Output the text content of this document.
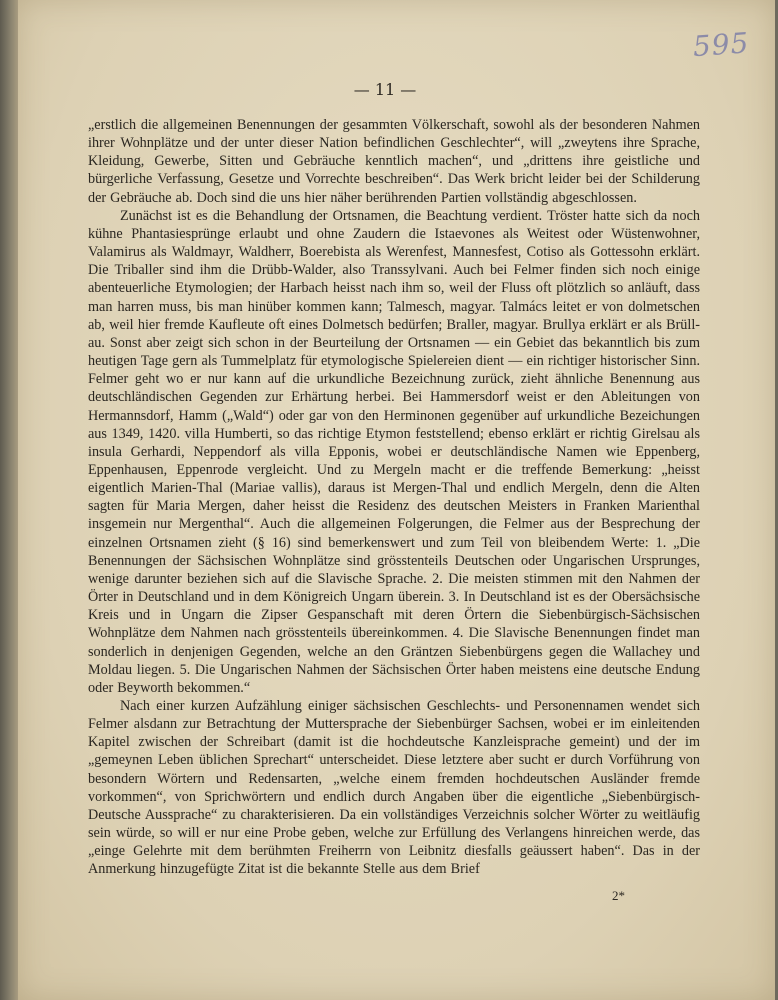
595
— 11 —

„erstlich die allgemeinen Benennungen der gesammten Völkerschaft, sowohl als der besonderen Nahmen ihrer Wohnplätze und der unter dieser Nation befindlichen Geschlechter“, will „zweytens ihre Sprache, Kleidung, Gewerbe, Sitten und Gebräuche kenntlich machen“, und „drittens ihre geistliche und bürgerliche Verfassung, Gesetze und Vorrechte beschreiben“. Das Werk bricht leider bei der Schilderung der Gebräuche ab. Doch sind die uns hier näher berührenden Partien vollständig abgeschlossen.

Zunächst ist es die Behandlung der Ortsnamen, die Beachtung verdient. Tröster hatte sich da noch kühne Phantasiesprünge erlaubt und ohne Zaudern die Istaevones als Weitest oder Wüstenwohner, Valamirus als Waldmayr, Waldherr, Boerebista als Werenfest, Mannesfest, Cotiso als Gottessohn erklärt. Die Triballer sind ihm die Drübb-Walder, also Transsylvani. Auch bei Felmer finden sich noch einige abenteuerliche Etymologien; der Harbach heisst nach ihm so, weil der Fluss oft plötzlich so anläuft, dass man harren muss, bis man hinüber kommen kann; Talmesch, magyar. Talmács leitet er von dolmetschen ab, weil hier fremde Kaufleute oft eines Dolmetsch bedürfen; Braller, magyar. Brullya erklärt er als Brüll-au. Sonst aber zeigt sich schon in der Beurteilung der Ortsnamen — ein Gebiet das bekanntlich bis zum heutigen Tage gern als Tummelplatz für etymologische Spielereien dient — ein richtiger historischer Sinn. Felmer geht wo er nur kann auf die urkundliche Bezeichnung zurück, zieht ähnliche Benennung aus deutschländischen Gegenden zur Erhärtung herbei. Bei Hammersdorf weist er den Ableitungen von Hermannsdorf, Hamm („Wald“) oder gar von den Herminonen gegenüber auf urkundliche Bezeichungen aus 1349, 1420. villa Humberti, so das richtige Etymon feststellend; ebenso erklärt er richtig Girelsau als insula Gerhardi, Neppendorf als villa Epponis, wobei er deutschländische Namen wie Eppenberg, Eppenhausen, Eppenrode vergleicht. Und zu Mergeln macht er die treffende Bemerkung: „heisst eigentlich Marien-Thal (Mariae vallis), daraus ist Mergen-Thal und endlich Mergeln, denn die Alten sagten für Maria Mergen, daher heisst die Residenz des deutschen Meisters in Franken Marienthal insgemein nur Mergenthal“. Auch die allgemeinen Folgerungen, die Felmer aus der Besprechung der einzelnen Ortsnamen zieht (§ 16) sind bemerkenswert und zum Teil von bleibendem Werte: 1. „Die Benennungen der Sächsischen Wohnplätze sind grösstenteils Deutschen oder Ungarischen Ursprunges, wenige darunter beziehen sich auf die Slavische Sprache. 2. Die meisten stimmen mit den Nahmen der Örter in Deutschland und in dem Königreich Ungarn überein. 3. In Deutschland ist es der Obersächsische Kreis und in Ungarn die Zipser Gespanschaft mit deren Örtern die Siebenbürgisch-Sächsischen Wohnplätze dem Nahmen nach grösstenteils übereinkommen. 4. Die Slavische Benennungen findet man sonderlich in denjenigen Gegenden, welche an den Gräntzen Siebenbürgens gegen die Wallachey und Moldau liegen. 5. Die Ungarischen Nahmen der Sächsischen Örter haben meistens eine deutsche Endung oder Beyworth bekommen.“

Nach einer kurzen Aufzählung einiger sächsischen Geschlechts- und Personennamen wendet sich Felmer alsdann zur Betrachtung der Muttersprache der Siebenbürger Sachsen, wobei er im einleitenden Kapitel zwischen der Schreibart (damit ist die hochdeutsche Kanzleisprache gemeint) und der im „gemeynen Leben üblichen Sprechart“ unterscheidet. Diese letztere aber sucht er durch Vorführung von besondern Wörtern und Redensarten, „welche einem fremden hochdeutschen Ausländer fremde vorkommen“, von Sprichwörtern und endlich durch Angaben über die eigentliche „Siebenbürgisch-Deutsche Aussprache“ zu charakterisieren. Da ein vollständiges Verzeichnis solcher Wörter zu weitläufig sein würde, so will er nur eine Probe geben, welche zur Erfüllung des Verlangens hinreichen werde, das „einge Gelehrte mit dem berühmten Freiherrn von Leibnitz diesfalls geäussert haben“. Das in der Anmerkung hinzugefügte Zitat ist die bekannte Stelle aus dem Brief

2*
